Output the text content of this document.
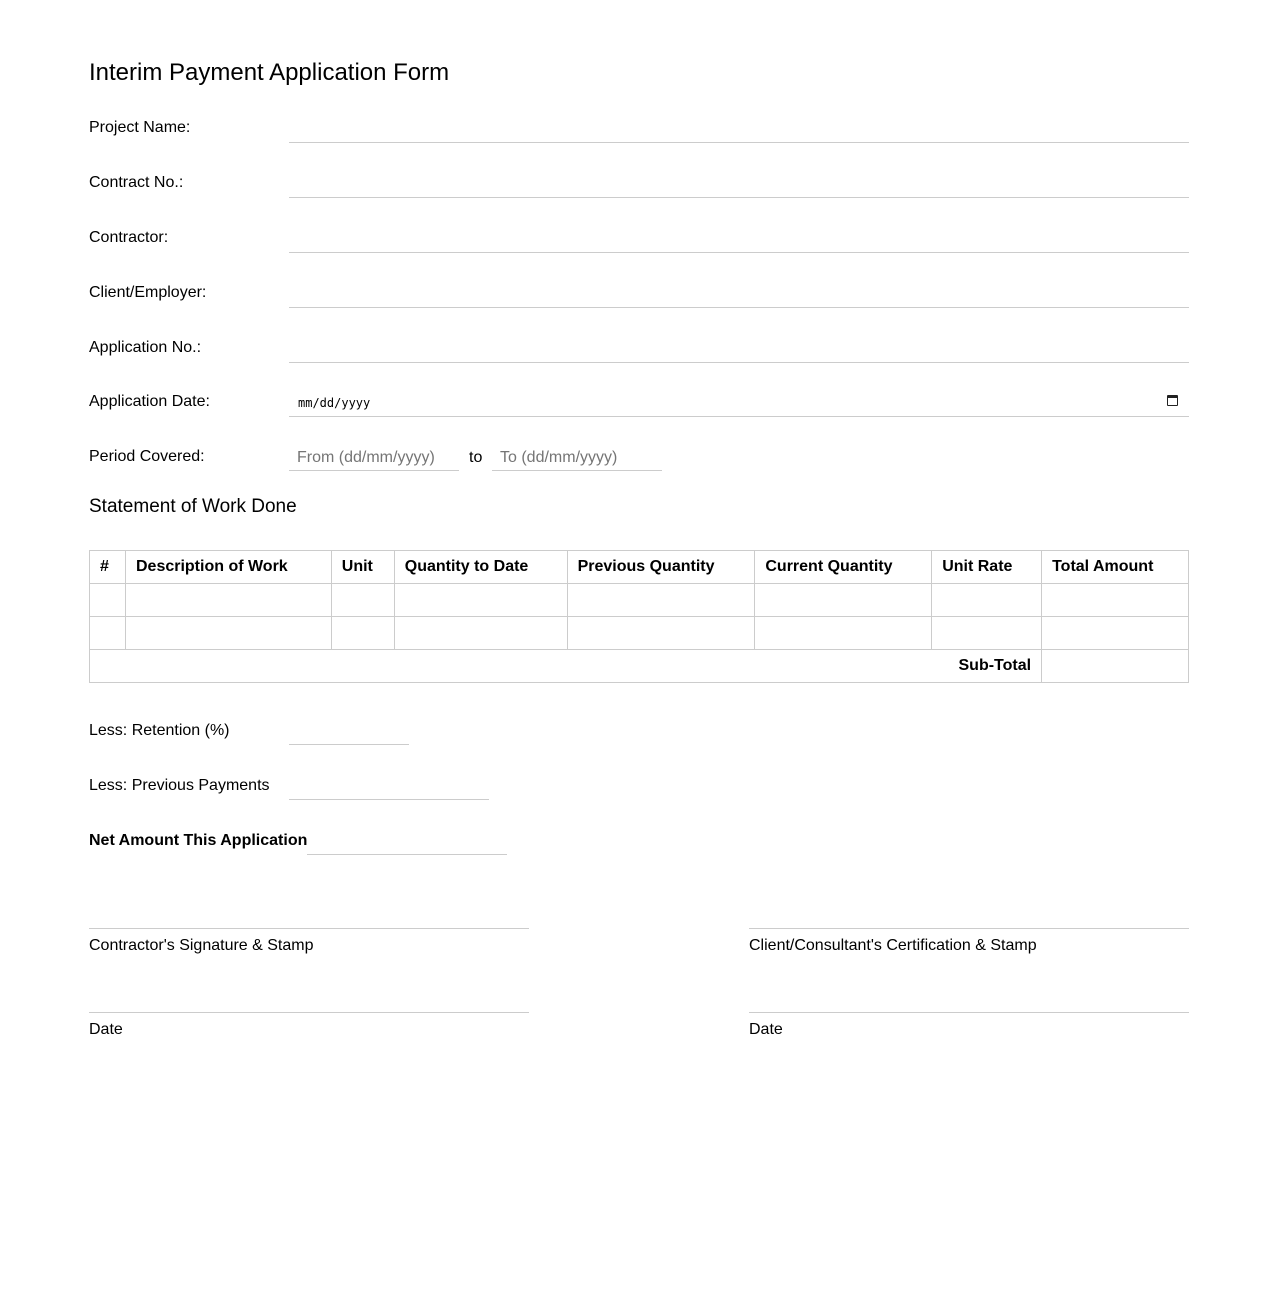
Interim Payment Application Form
Project Name:
Contract No.:
Contractor:
Client/Employer:
Application No.:
Application Date:	mm/dd/yyyy
Period Covered:
From (dd/mm/yyyy)	to
To (dd/mm/yyyy)
Statement of Work Done
#	Description of Work	Unit	Quantity to Date	Previous Quantity	Current Quantity	Unit Rate	Total Amount

Sub-Total							
Less: Retention (%)
Less: Previous Payments
Net Amount This Application
Contractor's Signature & Stamp
Date
Client/Consultant's Certification & Stamp
Date
